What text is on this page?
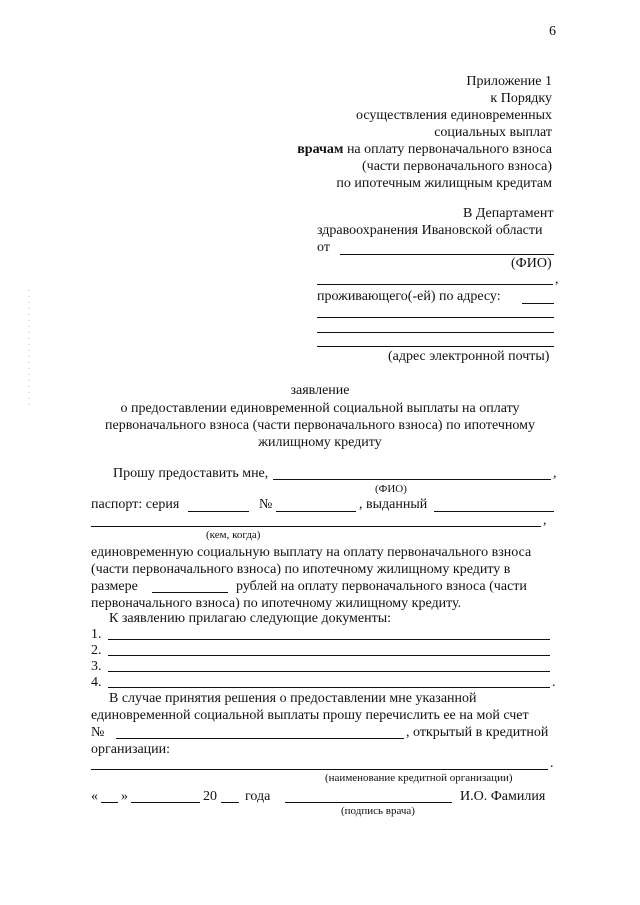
6
Приложение 1
к Порядку
осуществления единовременных
социальных выплат
врачам на оплату первоначального взноса
(части первоначального взноса)
по ипотечным жилищным кредитам
В Департамент
здравоохранения Ивановской области
от
(ФИО)
,
проживающего(-ей) по адресу:
(адрес электронной почты)
заявление
о предоставлении единовременной социальной выплаты на оплату
первоначального взноса (части первоначального взноса) по ипотечному
жилищному кредиту
Прошу предоставить мне,	,
(ФИО)
паспорт: серия	№	, выданный
,
(кем, когда)
единовременную социальную выплату на оплату первоначального взноса
(части первоначального взноса) по ипотечному жилищному кредиту в
размере	рублей на оплату первоначального взноса (части
первоначального взноса) по ипотечному жилищному кредиту.
К заявлению прилагаю следующие документы:
1.
2.
3.
4.	.
В случае принятия решения о предоставлении мне указанной
единовременной социальной выплаты прошу перечислить ее на мой счет
№	, открытый в кредитной
организации:
.
(наименование кредитной организации)
« »	20 года	И.О. Фамилия
(подпись врача)
